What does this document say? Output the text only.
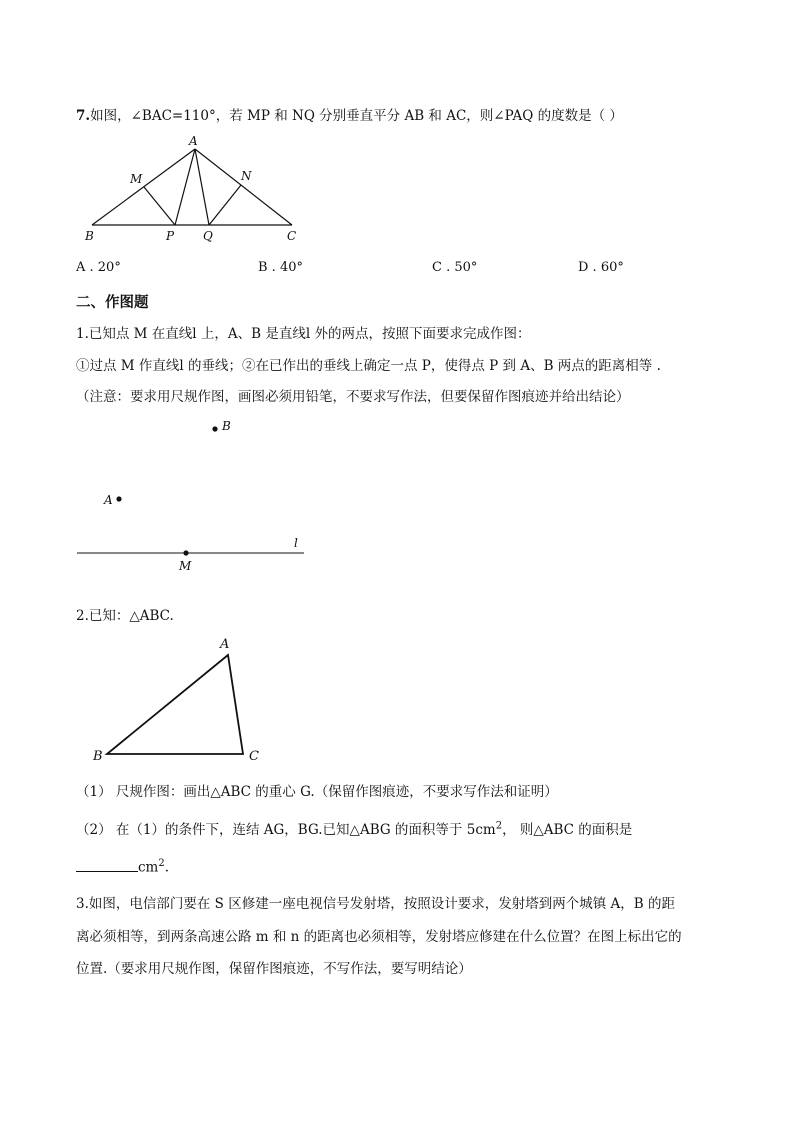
7.如图，∠BAC=110°，若 MP 和 NQ 分别垂直平分 AB 和 AC，则∠PAQ 的度数是（ ）
A
M	N
B	P Q	C
A . 20°	B . 40°	C . 50°	D . 60°
二、作图题
1.已知点 M 在直线l 上，A、B 是直线l 外的两点，按照下面要求完成作图：
①过点 M 作直线l 的垂线；②在已作出的垂线上确定一点 P，使得点 P 到 A、B 两点的距离相等 .
（注意：要求用尺规作图，画图必须用铅笔，不要求写作法，但要保留作图痕迹并给出结论）
B
A
M
l
2.已知：△ABC.
A
B	C
（1） 尺规作图：画出△ABC 的重心 G.（保留作图痕迹，不要求写作法和证明）
（2） 在（1）的条件下，连结 AG，BG.已知△ABG 的面积等于 $5cm^2$， 则△ABC 的面积是
$cm^2$.
3.如图，电信部门要在 S 区修建一座电视信号发射塔，按照设计要求，发射塔到两个城镇 A，B 的距
离必须相等，到两条高速公路 m 和 n 的距离也必须相等，发射塔应修建在什么位置？在图上标出它的
位置.（要求用尺规作图，保留作图痕迹，不写作法，要写明结论）
